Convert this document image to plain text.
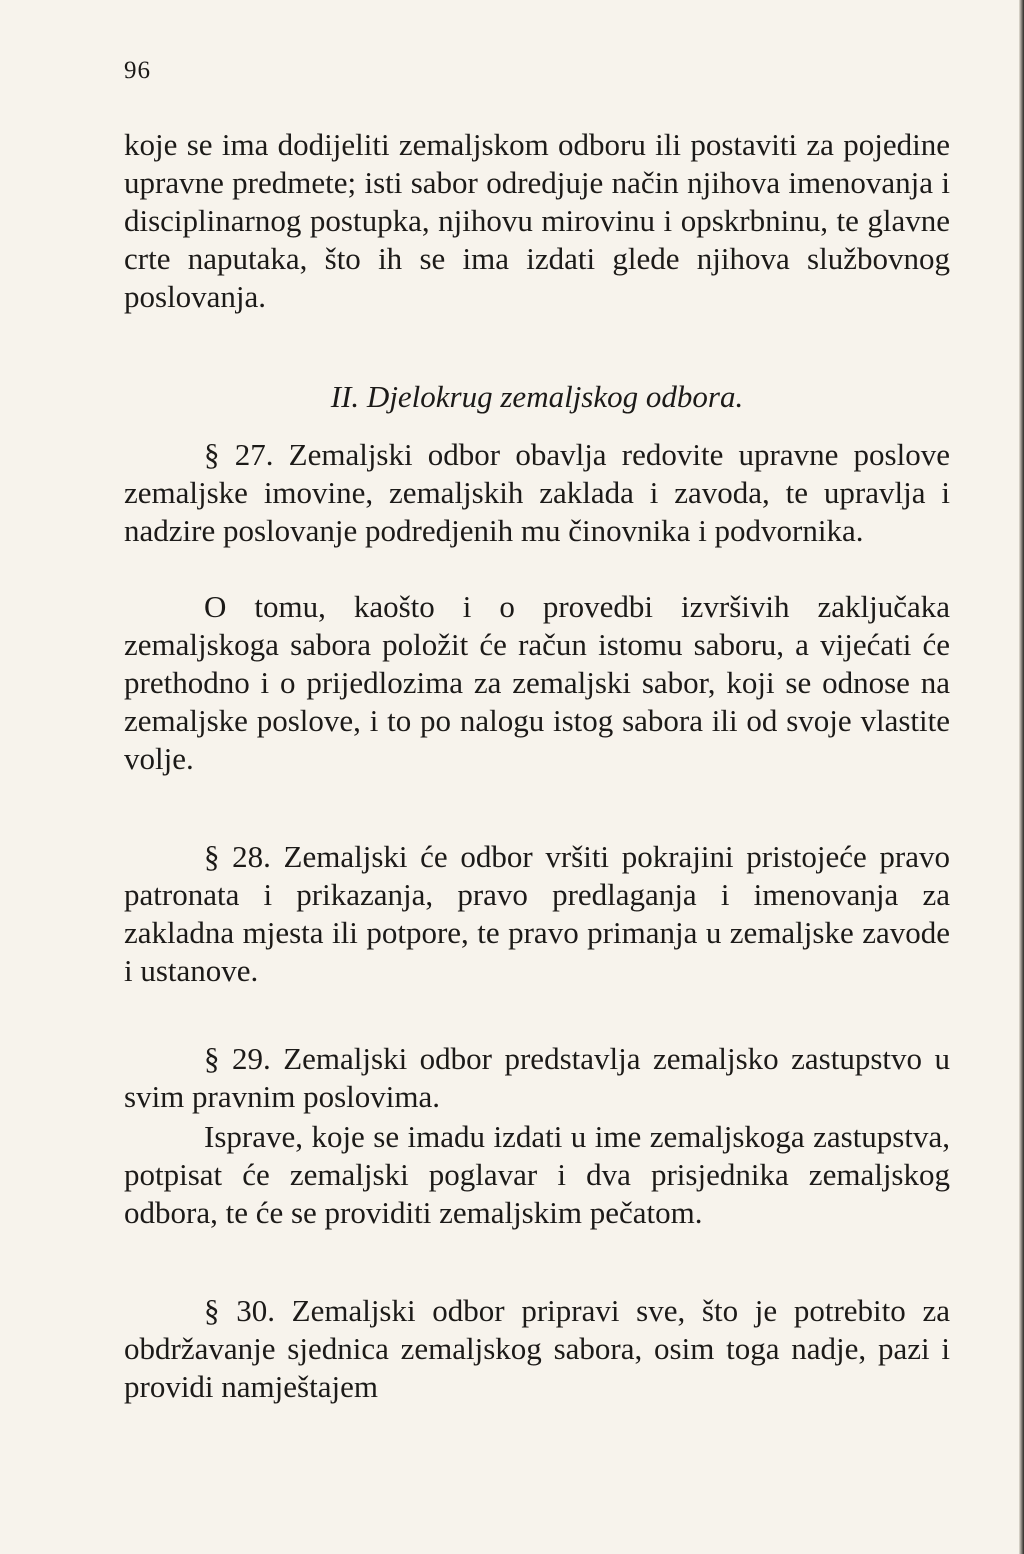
96

koje se ima dodijeliti zemaljskom odboru ili postaviti za pojedine upravne predmete; isti sabor odredjuje način njihova imenovanja i disciplinarnog postupka, njihovu mirovinu i opskrbninu, te glavne crte naputaka, što ih se ima izdati glede njihova službovnog poslovanja.

II. Djelokrug zemaljskog odbora.

§ 27. Zemaljski odbor obavlja redovite upravne poslove zemaljske imovine, zemaljskih zaklada i zavoda, te upravlja i nadzire poslovanje podredjenih mu činovnika i podvornika.

O tomu, kaošto i o provedbi izvršivih zaključaka zemaljskoga sabora položit će račun istomu saboru, a vijećati će prethodno i o prijedlozima za zemaljski sabor, koji se odnose na zemaljske poslove, i to po nalogu istog sabora ili od svoje vlastite volje.

§ 28. Zemaljski će odbor vršiti pokrajini pristojeće pravo patronata i prikazanja, pravo predlaganja i imenovanja za zakladna mjesta ili potpore, te pravo primanja u zemaljske zavode i ustanove.

§ 29. Zemaljski odbor predstavlja zemaljsko zastupstvo u svim pravnim poslovima.

Isprave, koje se imadu izdati u ime zemaljskoga zastupstva, potpisat će zemaljski poglavar i dva prisjednika zemaljskog odbora, te će se providiti zemaljskim pečatom.

§ 30. Zemaljski odbor pripravi sve, što je potrebito za obdržavanje sjednica zemaljskog sabora, osim toga nadje, pazi i providi namještajem
